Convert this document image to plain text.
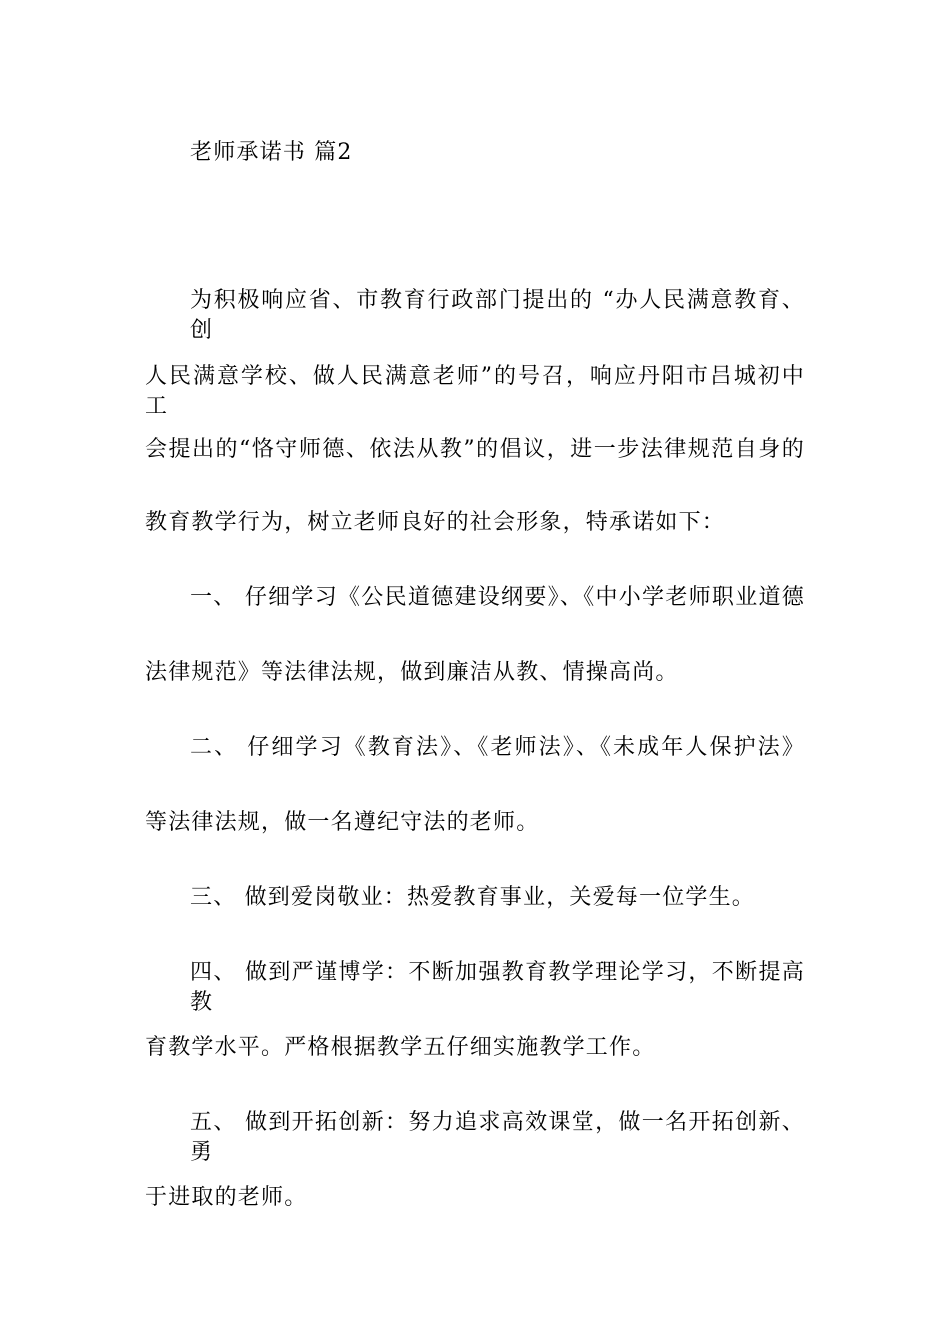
老师承诺书 篇2
为积极响应省、市教育行政部门提出的 “办人民满意教育、创
人民满意学校、做人民满意老师”的号召，响应丹阳市吕城初中工
会提出的“恪守师德、依法从教”的倡议，进一步法律规范自身的
教育教学行为，树立老师良好的社会形象，特承诺如下：
一、 仔细学习《公民道德建设纲要》、《中小学老师职业道德
法律规范》等法律法规，做到廉洁从教、情操高尚。
二、 仔细学习《教育法》、《老师法》、《未成年人保护法》
等法律法规，做一名遵纪守法的老师。
三、 做到爱岗敬业：热爱教育事业，关爱每一位学生。
四、 做到严谨博学：不断加强教育教学理论学习，不断提高教
育教学水平。严格根据教学五仔细实施教学工作。
五、 做到开拓创新：努力追求高效课堂，做一名开拓创新、勇
于进取的老师。
